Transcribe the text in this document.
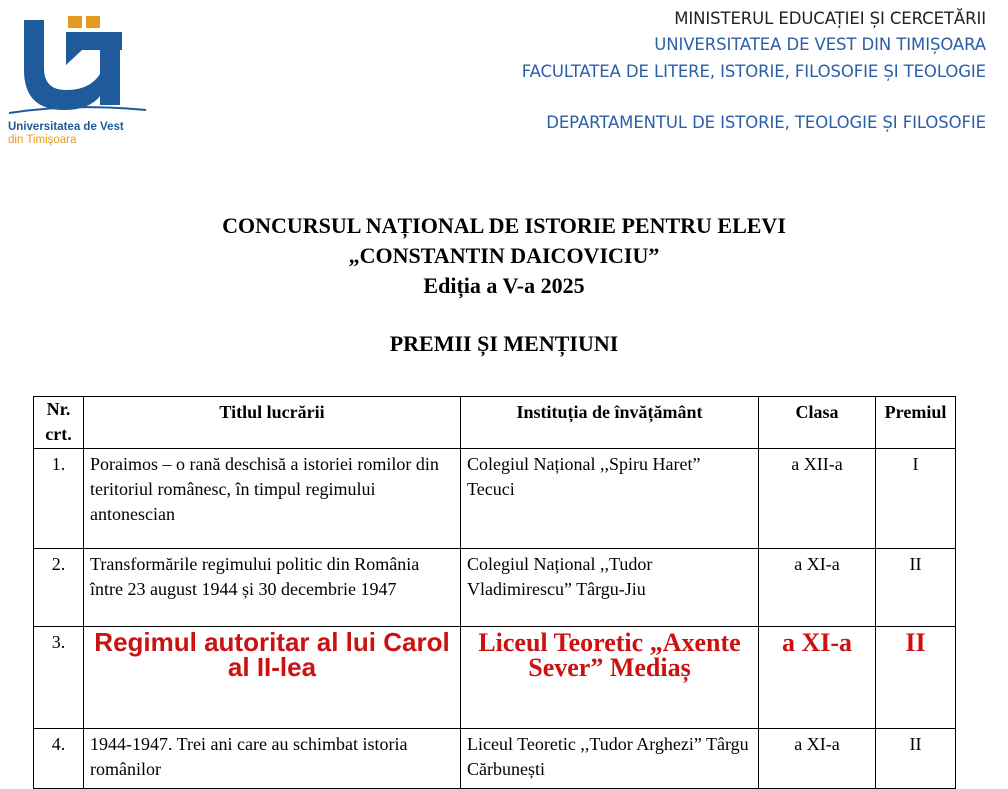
Universitatea de Vest
din Timişoara
MINISTERUL EDUCAȚIEI ȘI CERCETĂRII
UNIVERSITATEA DE VEST DIN TIMIȘOARA
FACULTATEA DE LITERE, ISTORIE, FILOSOFIE ȘI TEOLOGIE
DEPARTAMENTUL DE ISTORIE, TEOLOGIE ȘI FILOSOFIE
CONCURSUL NAȚIONAL DE ISTORIE PENTRU ELEVI
„CONSTANTIN DAICOVICIU”
Ediția a V-a 2025
PREMII ȘI MENȚIUNI
Nr. crt.	Titlul lucrării	Instituția de învățământ	Clasa	Premiul
1.	Poraimos – o rană deschisă a istoriei romilor din teritoriul românesc, în timpul regimului antonescian	Colegiul Național ,,Spiru Haret” Tecuci	a XII-a	I
2.	Transformările regimului politic din România între 23 august 1944 și 30 decembrie 1947	Colegiul Național ,,Tudor Vladimirescu” Târgu-Jiu	a XI-a	II
3.	Regimul autoritar al lui Carol al II-lea	Liceul Teoretic „Axente Sever” Mediaș	a XI-a	II
4.	1944-1947. Trei ani care au schimbat istoria românilor	Liceul Teoretic ,,Tudor Arghezi” Târgu Cărbunești	a XI-a	II
